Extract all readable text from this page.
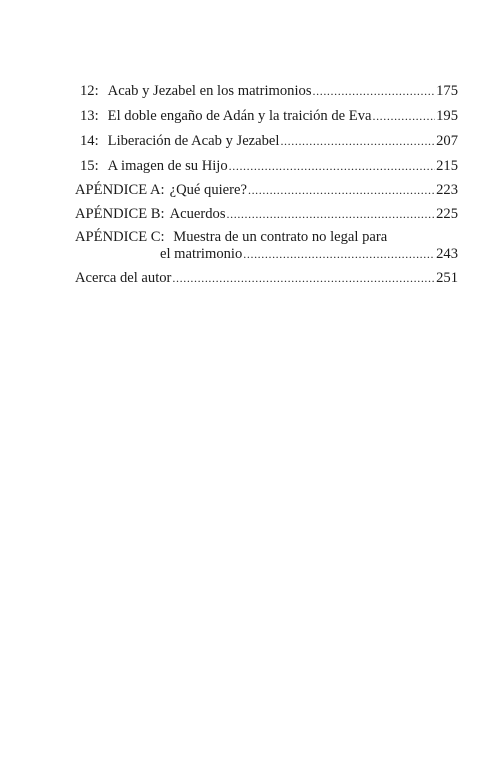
12 : Acab y Jezabel en los matrimonios .....	175
13 : El doble engaño de Adán y la traición de Eva .....	195
14 : Liberación de Acab y Jezabel .....	207
15 : A imagen de su Hijo .....	215
APÉNDICE A: ¿Qué quiere? .....	223
APÉNDICE B: Acuerdos .....	225
APÉNDICE C: Muestra de un contrato no legal para
el matrimonio .....	243
Acerca del autor .....	251
